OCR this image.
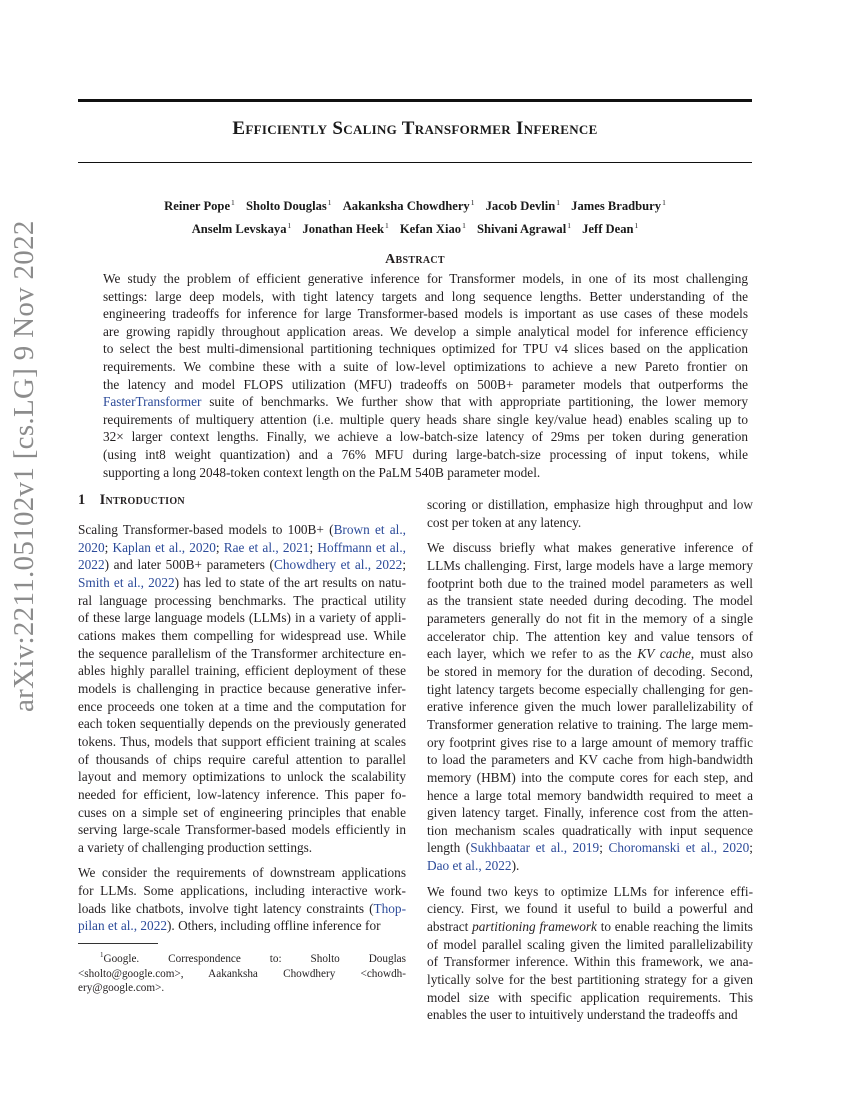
arXiv:2211.05102v1 [cs.LG] 9 Nov 2022
Efficiently Scaling Transformer Inference
Reiner Pope$^1$ Sholto Douglas$^1$ Aakanksha Chowdhery$^1$ Jacob Devlin$^1$ James Bradbury$^1$
Anselm Levskaya$^1$ Jonathan Heek$^1$ Kefan Xiao$^1$ Shivani Agrawal$^1$ Jeff Dean$^1$
Abstract
We study the problem of efficient generative inference for Transformer models, in one of its most challenging
settings: large deep models, with tight latency targets and long sequence lengths. Better understanding of the
engineering tradeoffs for inference for large Transformer-based models is important as use cases of these models
are growing rapidly throughout application areas. We develop a simple analytical model for inference efficiency
to select the best multi-dimensional partitioning techniques optimized for TPU v4 slices based on the application
requirements. We combine these with a suite of low-level optimizations to achieve a new Pareto frontier on
the latency and model FLOPS utilization (MFU) tradeoffs on 500B+ parameter models that outperforms the
FasterTransformer suite of benchmarks. We further show that with appropriate partitioning, the lower memory
requirements of multiquery attention (i.e. multiple query heads share single key/value head) enables scaling up to
32× larger context lengths. Finally, we achieve a low-batch-size latency of 29ms per token during generation
(using int8 weight quantization) and a 76% MFU during large-batch-size processing of input tokens, while
supporting a long 2048-token context length on the PaLM 540B parameter model.
1 Introduction
Scaling Transformer-based models to 100B+ (Brown et al.,
2020; Kaplan et al., 2020; Rae et al., 2021; Hoffmann et al.,
2022) and later 500B+ parameters (Chowdhery et al., 2022;
Smith et al., 2022) has led to state of the art results on natu-
ral language processing benchmarks. The practical utility
of these large language models (LLMs) in a variety of appli-
cations makes them compelling for widespread use. While
the sequence parallelism of the Transformer architecture en-
ables highly parallel training, efficient deployment of these
models is challenging in practice because generative infer-
ence proceeds one token at a time and the computation for
each token sequentially depends on the previously generated
tokens. Thus, models that support efficient training at scales
of thousands of chips require careful attention to parallel
layout and memory optimizations to unlock the scalability
needed for efficient, low-latency inference. This paper fo-
cuses on a simple set of engineering principles that enable
serving large-scale Transformer-based models efficiently in
a variety of challenging production settings.
We consider the requirements of downstream applications
for LLMs. Some applications, including interactive work-
loads like chatbots, involve tight latency constraints (Thop-
pilan et al., 2022). Others, including offline inference for
$^1$Google. Correspondence to: Sholto Douglas
<sholto@google.com>, Aakanksha Chowdhery <chowdh-
ery@google.com>.
scoring or distillation, emphasize high throughput and low
cost per token at any latency.
We discuss briefly what makes generative inference of
LLMs challenging. First, large models have a large memory
footprint both due to the trained model parameters as well
as the transient state needed during decoding. The model
parameters generally do not fit in the memory of a single
accelerator chip. The attention key and value tensors of
each layer, which we refer to as the KV cache, must also
be stored in memory for the duration of decoding. Second,
tight latency targets become especially challenging for gen-
erative inference given the much lower parallelizability of
Transformer generation relative to training. The large mem-
ory footprint gives rise to a large amount of memory traffic
to load the parameters and KV cache from high-bandwidth
memory (HBM) into the compute cores for each step, and
hence a large total memory bandwidth required to meet a
given latency target. Finally, inference cost from the atten-
tion mechanism scales quadratically with input sequence
length (Sukhbaatar et al., 2019; Choromanski et al., 2020;
Dao et al., 2022).
We found two keys to optimize LLMs for inference effi-
ciency. First, we found it useful to build a powerful and
abstract partitioning framework to enable reaching the limits
of model parallel scaling given the limited parallelizability
of Transformer inference. Within this framework, we ana-
lytically solve for the best partitioning strategy for a given
model size with specific application requirements. This
enables the user to intuitively understand the tradeoffs and
